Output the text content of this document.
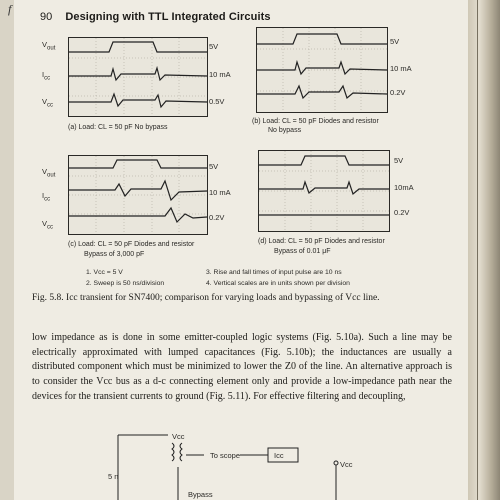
f
90 Designing with TTL Integrated Circuits
$V_{out}$
$I_{cc}$
$V_{cc}$
5V
10 mA
0.5V
(a) Load: CL = 50 pF No bypass
5V
10 mA
0.2V
(b) Load: CL = 50 pF Diodes and resistor
No bypass
$V_{out}$
$I_{cc}$
$V_{cc}$
5V
10 mA
0.2V
(c) Load: CL = 50 pF Diodes and resistor
Bypass of 3,000 pF
5V
10mA
0.2V
(d) Load: CL = 50 pF Diodes and resistor
Bypass of 0.01 μF
1. Vcc = 5 V
2. Sweep is 50 ns/division
3. Rise and fall times of input pulse are 10 ns
4. Vertical scales are in units shown per division
Fig. 5.8. Icc transient for SN7400; comparison for varying loads and bypassing of Vcc line.

low impedance as is done in some emitter-coupled logic systems (Fig. 5.10a). Such a line may be electrically approximated with lumped capacitances (Fig. 5.10b); the inductances are usually a distributed component which must be minimized to lower the Z0 of the line. An alternative approach is to consider the Vcc bus as a d-c connecting element only and provide a low-impedance path near the devices for the transient currents to ground (Fig. 5.11). For effective filtering and decoupling,

Vcc
To scope	Icc
5 n
Bypass
Vcc
